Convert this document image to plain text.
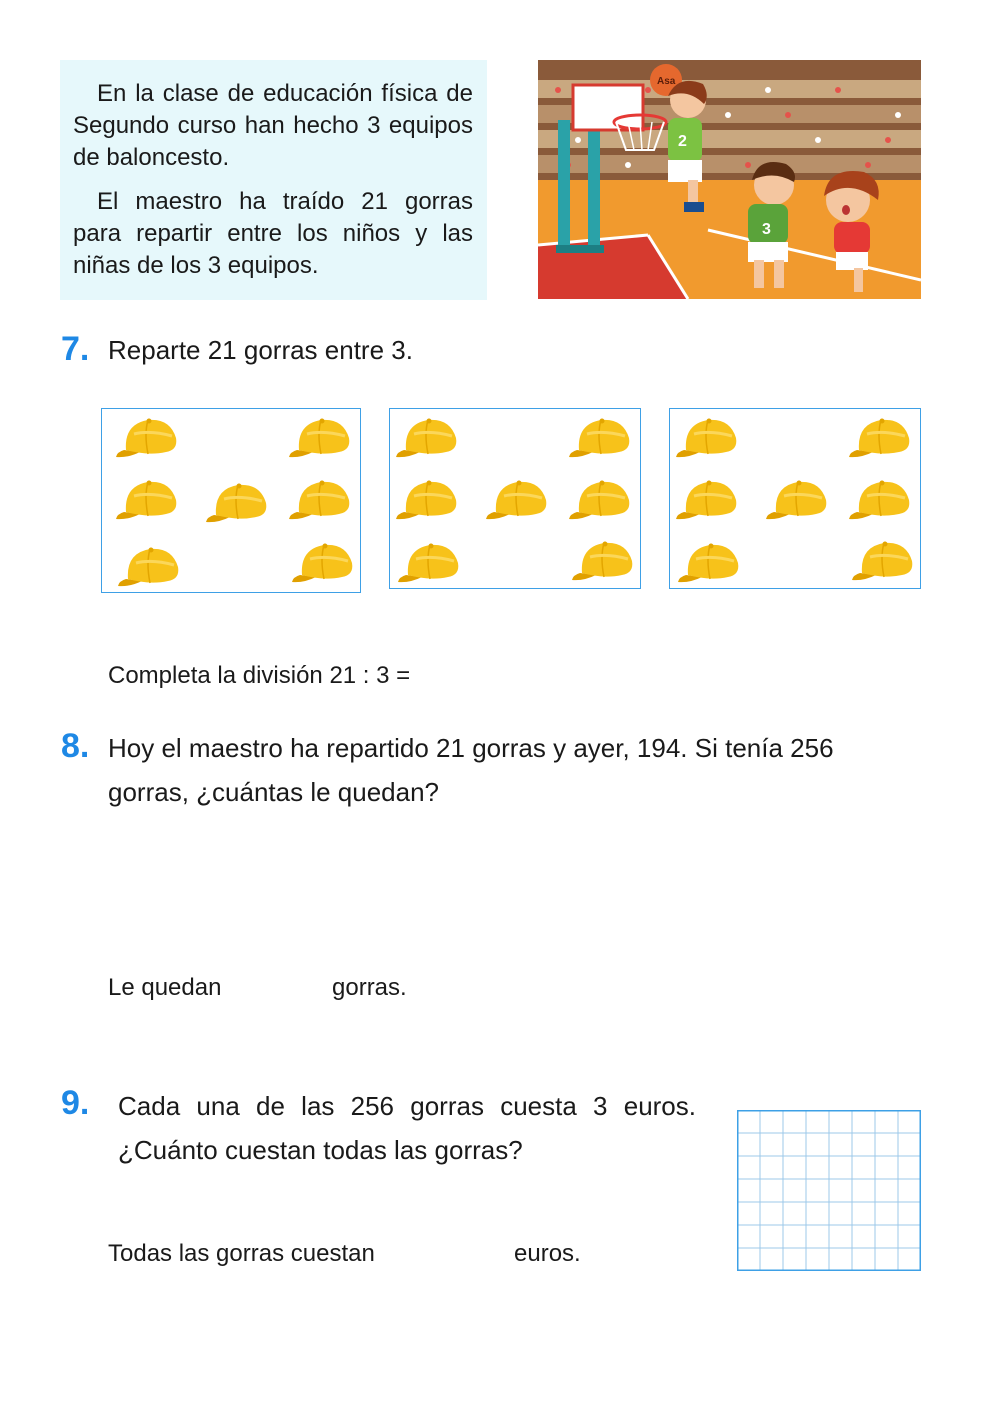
En la clase de educación física de Segundo curso han hecho 3 equipos de baloncesto.

El maestro ha traído 21 gorras para repartir entre los niños y las niñas de los 3 equipos.

Asa
2
3
7. Reparte 21 gorras entre 3.
Completa la división 21 : 3 =
8. Hoy el maestro ha repartido 21 gorras y ayer, 194. Si tenía 256
gorras, ¿cuántas le quedan?
Le quedan	gorras.
9. Cada una de las 256 gorras cuesta 3 euros.
¿Cuánto cuestan todas las gorras?
Todas las gorras cuestan	euros.
